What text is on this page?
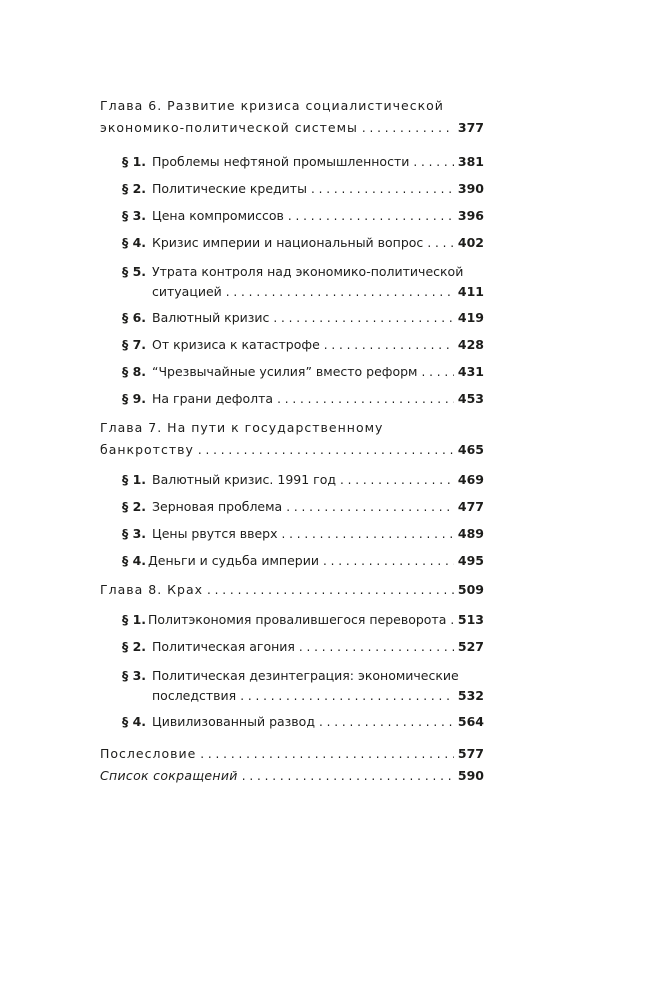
Глава 6. Развитие кризиса социалистической
экономико-политической системы . . .	377
§ 1. Проблемы нефтяной промышленности . . .	381
§ 2. Политические кредиты . . .	390
§ 3. Цена компромиссов . . .	396
§ 4. Кризис империи и национальный вопрос . . .	402
§ 5. Утрата контроля над экономико-политической
ситуацией . . .	411
§ 6. Валютный кризис . . .	419
§ 7. От кризиса к катастрофе . . .	428
§ 8. “Чрезвычайные усилия” вместо реформ . . .	431
§ 9. На грани дефолта . . .	453
Глава 7. На пути к государственному
банкротству . . .	465
§ 1. Валютный кризис. 1991 год . . .	469
§ 2. Зерновая проблема . . .	477
§ 3. Цены рвутся вверх . . .	489
§ 4. Деньги и судьба империи . . .	495
Глава 8. Крах . . .	509
§ 1. Политэкономия провалившегося переворота . . . 513
§ 2. Политическая агония . . .	527
§ 3. Политическая дезинтеграция: экономические
последствия . . .	532
§ 4. Цивилизованный развод . . .	564
Послесловие . . .	577
Список сокращений . . .	590
